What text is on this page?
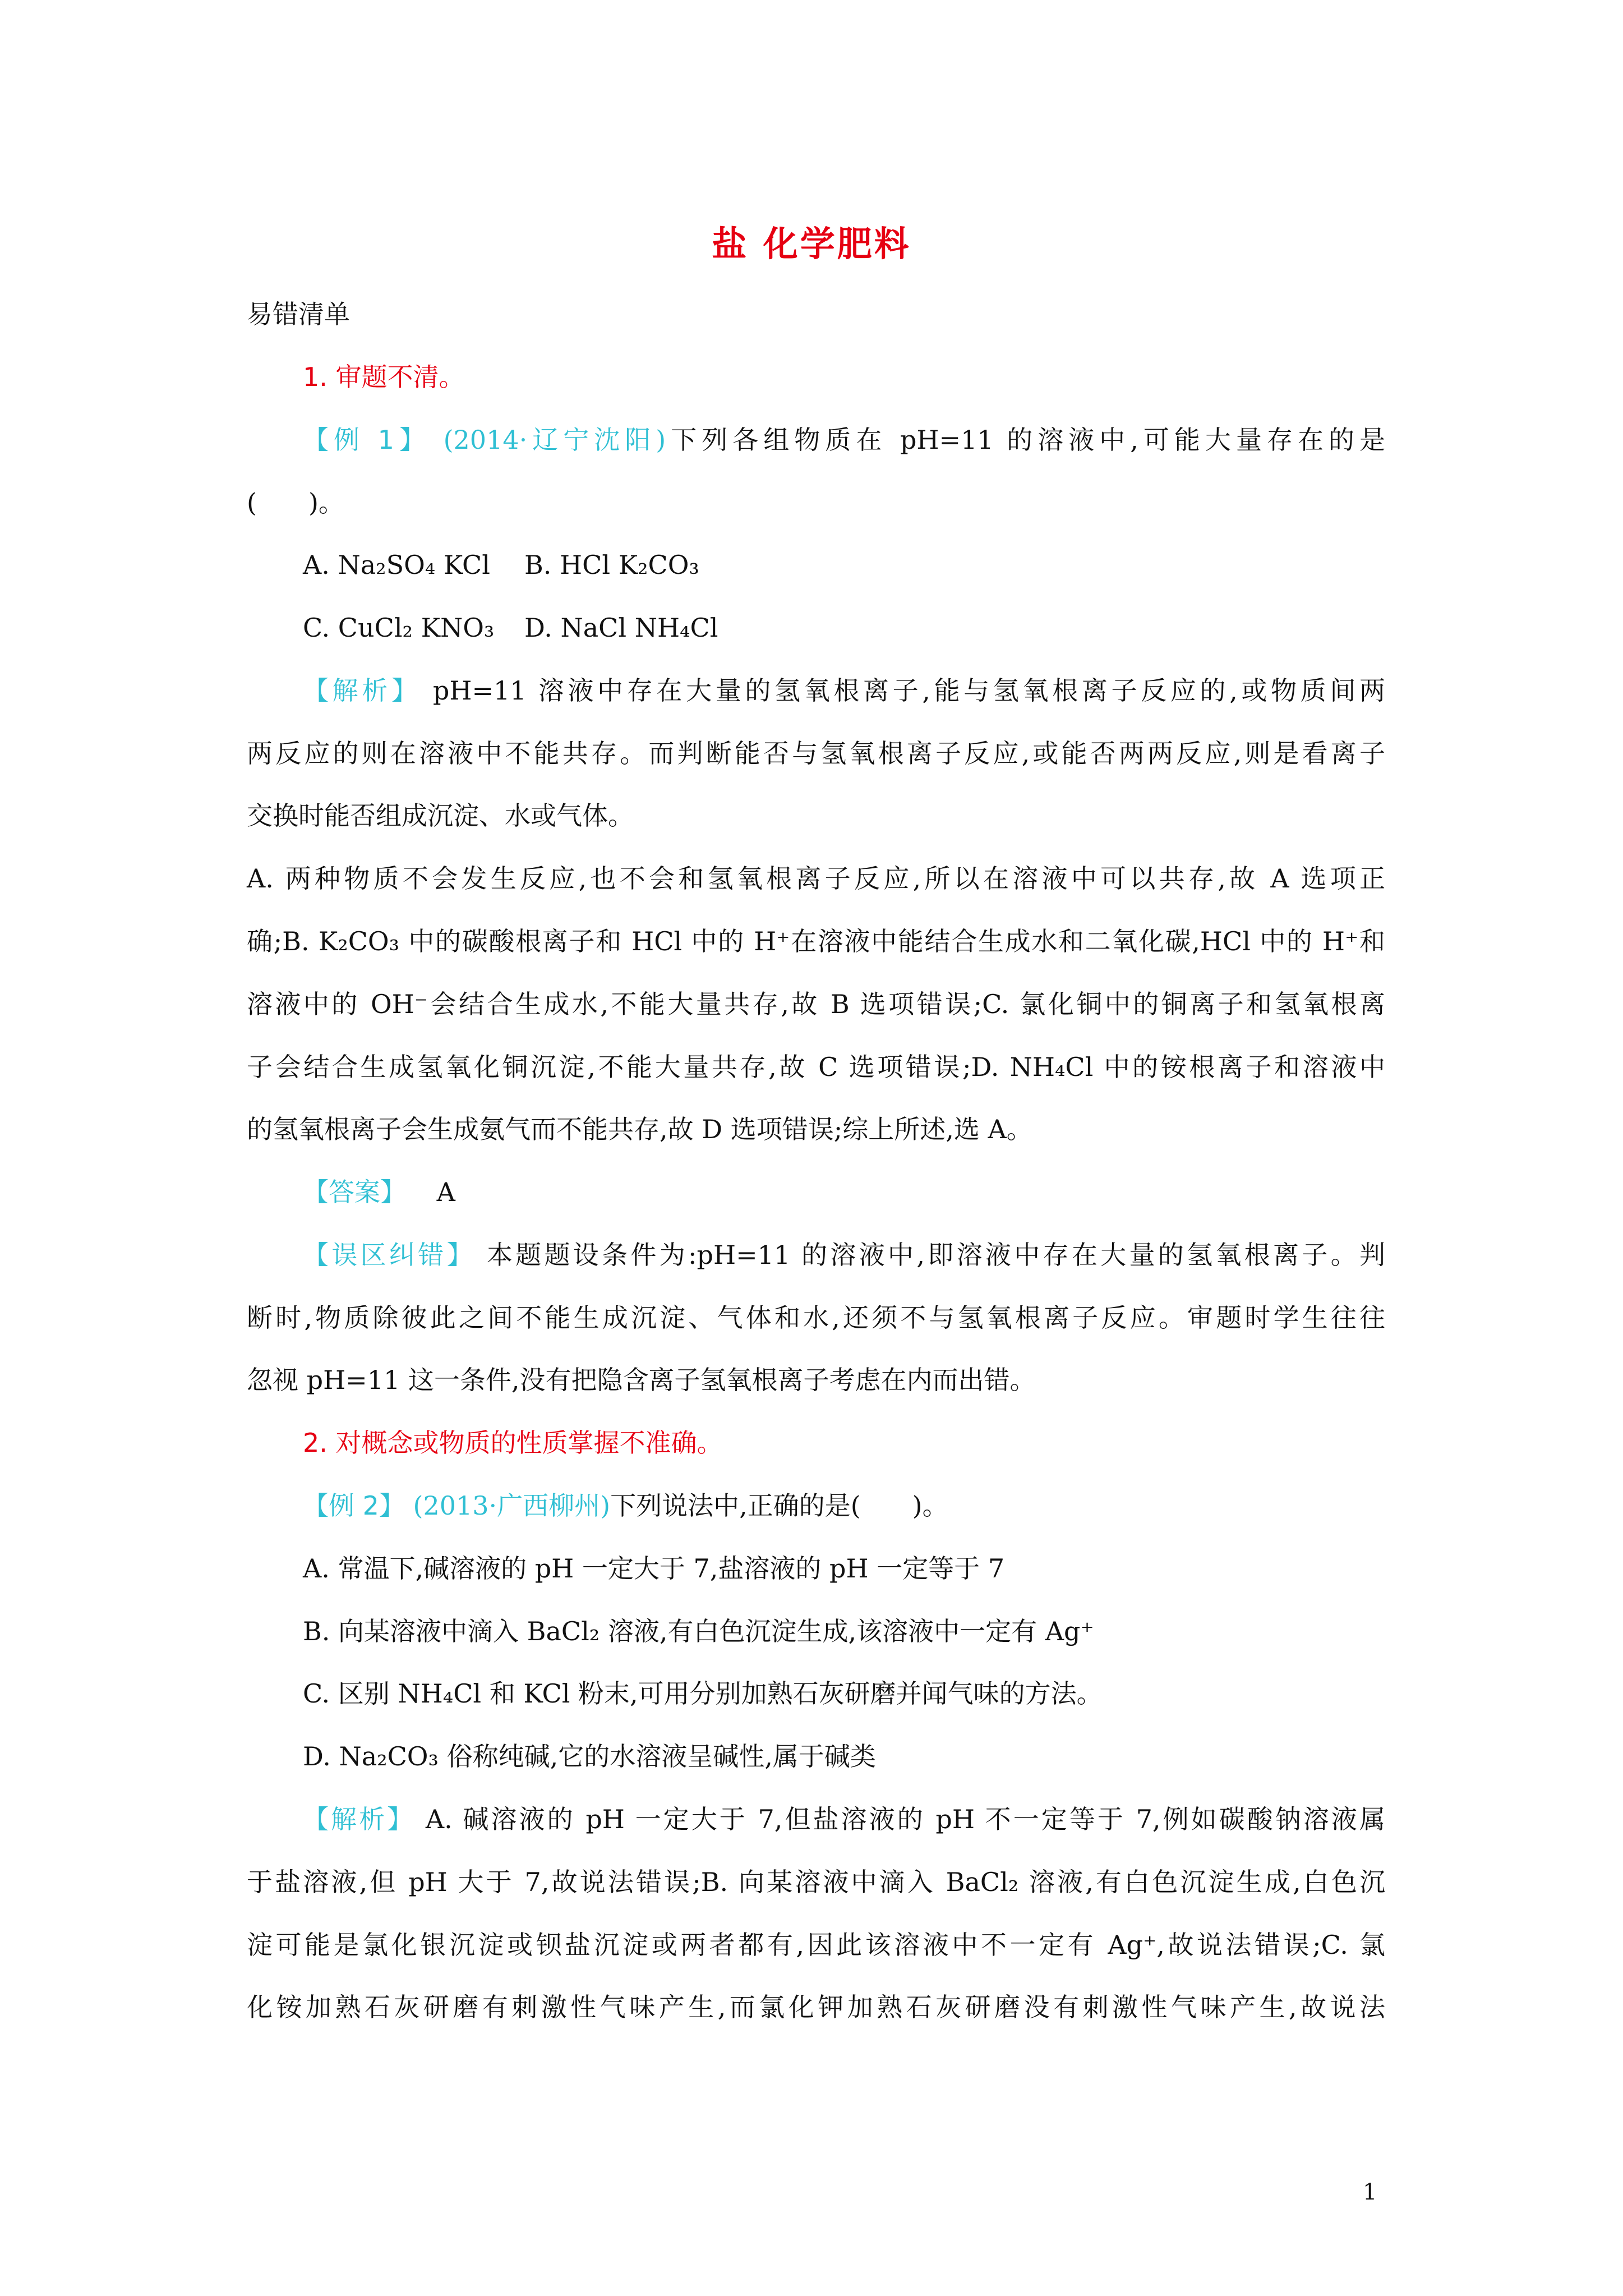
盐 化学肥料
易错清单
1. 审题不清。
【例 1】 (2014·辽宁沈阳)下列各组物质在 pH=11 的溶液中,可能大量存在的是
(　　)。
A. Na₂SO₄ KCl B. HCl K₂CO₃
C. CuCl₂ KNO₃ D. NaCl NH₄Cl
【解析】 pH=11 溶液中存在大量的氢氧根离子,能与氢氧根离子反应的,或物质间两
两反应的则在溶液中不能共存。而判断能否与氢氧根离子反应,或能否两两反应,则是看离子
交换时能否组成沉淀、水或气体。
A. 两种物质不会发生反应,也不会和氢氧根离子反应,所以在溶液中可以共存,故 A 选项正
确;B. K₂CO₃ 中的碳酸根离子和 HCl 中的 H⁺在溶液中能结合生成水和二氧化碳,HCl 中的 H⁺和
溶液中的 OH⁻会结合生成水,不能大量共存,故 B 选项错误;C. 氯化铜中的铜离子和氢氧根离
子会结合生成氢氧化铜沉淀,不能大量共存,故 C 选项错误;D. NH₄Cl 中的铵根离子和溶液中
的氢氧根离子会生成氨气而不能共存,故 D 选项错误;综上所述,选 A。
【答案】 A
【误区纠错】 本题题设条件为:pH=11 的溶液中,即溶液中存在大量的氢氧根离子。判
断时,物质除彼此之间不能生成沉淀、气体和水,还须不与氢氧根离子反应。审题时学生往往
忽视 pH=11 这一条件,没有把隐含离子氢氧根离子考虑在内而出错。
2. 对概念或物质的性质掌握不准确。
【例 2】 (2013·广西柳州)下列说法中,正确的是(　　)。
A. 常温下,碱溶液的 pH 一定大于 7,盐溶液的 pH 一定等于 7
B. 向某溶液中滴入 BaCl₂ 溶液,有白色沉淀生成,该溶液中一定有 Ag⁺
C. 区别 NH₄Cl 和 KCl 粉末,可用分别加熟石灰研磨并闻气味的方法。
D. Na₂CO₃ 俗称纯碱,它的水溶液呈碱性,属于碱类
【解析】 A. 碱溶液的 pH 一定大于 7,但盐溶液的 pH 不一定等于 7,例如碳酸钠溶液属
于盐溶液,但 pH 大于 7,故说法错误;B. 向某溶液中滴入 BaCl₂ 溶液,有白色沉淀生成,白色沉
淀可能是氯化银沉淀或钡盐沉淀或两者都有,因此该溶液中不一定有 Ag⁺,故说法错误;C. 氯
化铵加熟石灰研磨有刺激性气味产生,而氯化钾加熟石灰研磨没有刺激性气味产生,故说法
1
